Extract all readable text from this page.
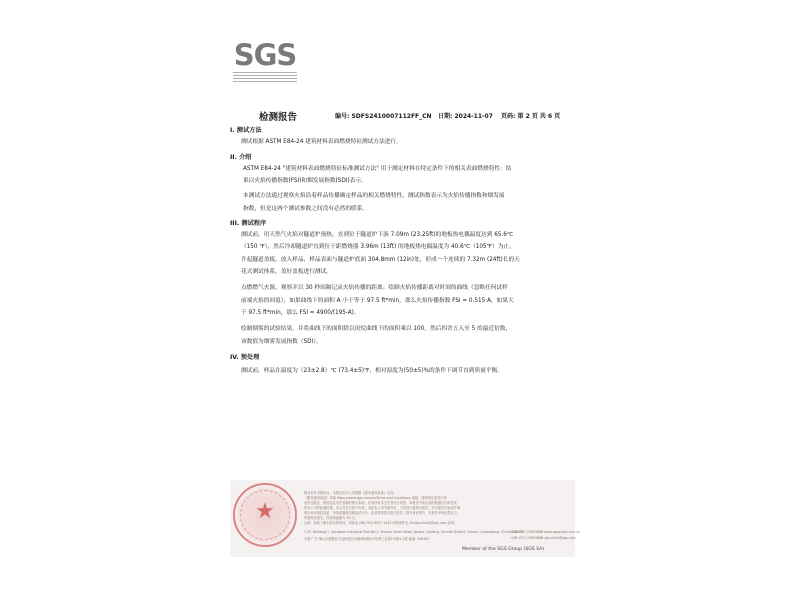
SGS
检测报告	编号: SDFS2410007112FF_CN 日期: 2024-11-07 页码: 第 2 页 共 6 页
I. 测试方法
测试根据 ASTM E84-24 建筑材料表面燃烧特征测试方法进行。
II. 介绍
ASTM E84-24 "建筑材料表面燃烧特征标准测试方法" 用于测定材料在特定条件下的相关表面燃烧特性：结
果以火焰传播指数(FSI)和烟发展指数(SDI)表示。
本测试方法通过观察火焰沿着样品传播确定样品的相关燃烧特性，测试指数表示为火焰传播指数和烟发展
指数，但是这两个测试参数之间没有必然的联系。
III. 测试程序
测试前，用天然气火焰对隧道炉预热，直到位于隧道炉下游 7.09m (23.25ft)的地板热电偶温度达到 65.6℃
（150 ℉），然后冷却隧道炉直到位于距燃烧器 3.96m (13ft) 的地板热电偶温度为 40.6℃（105℉）为止，
升起隧道盖板，放入样品，样品表面与隧道炉底面 304.8mm (12in)处，形成一个连续的 7.32m (24ft)长的天
花式测试体系，盖好盖板进行测试。
点燃燃气火源，观察并以 30 秒间隔记录火焰传播的距离；绘制火焰传播距离对时间的曲线（忽略任何试样
前端火焰的回退），如果曲线下的面积 A 小于等于 97.5 ft*min，那么火焰传播指数 FSI = 0.515·A，如果大
于 97.5 ft*min，那么 FSI = 4900/(195-A)。
绘制烟雾的试验结果，并将曲线下的面积除以庚烷曲线下的面积乘以 100，然后四舍五入至 5 的最近倍数，
该数值为烟雾发展指数（SDI）。
IV. 预处理
测试前，样品在温度为（23±2.8）℃ (73.4±5)℉，相对湿度为(50±5)%的条件下调节直到质量平衡。
★
除非另有书面协议，本报告由本公司根据《服务通用条款》出具。
《服务通用条款》详阅 https://www.sgs.com/en/Terms-and-Conditions 查阅，请特别注意其中涉
及责任限定、赔偿以及司法管辖的相关条款。任何持有本文件者应当知悉，本报告中所记录的数据仅反映签发
时本公司的检测结果，本公司仅对客户负责。未经本公司书面许可，不得部分复制本报告。对本报告内容或外观
的任何未授权变更、伪造或篡改均属违法行为，违者将被依法追究责任。除另有说明外，本报告中的结果仅与
所测样品相关，样品保留期为 30 天。
注意：如欲了解本报告的真伪，请致电 (86-755) 8307 1443 或发邮件至 CN.Doccheck@sgs.com 查询。
1-3F, Building 1, Dongwan Industrial Park No.1, Shunhe South Road, Wusha, Daliang, Shunde District, Foshan, Guangdong, China 528300
中国 广东 佛山市顺德区大良街道五沙顺和南路1号东湾工业园1号楼1-3层 邮编: 528300
t (86-757) 22805888 www.sgsgroup.com.cn
t (86-757) 22805888 sgs.china@sgs.com
Member of the SGS Group (SGS SA)
